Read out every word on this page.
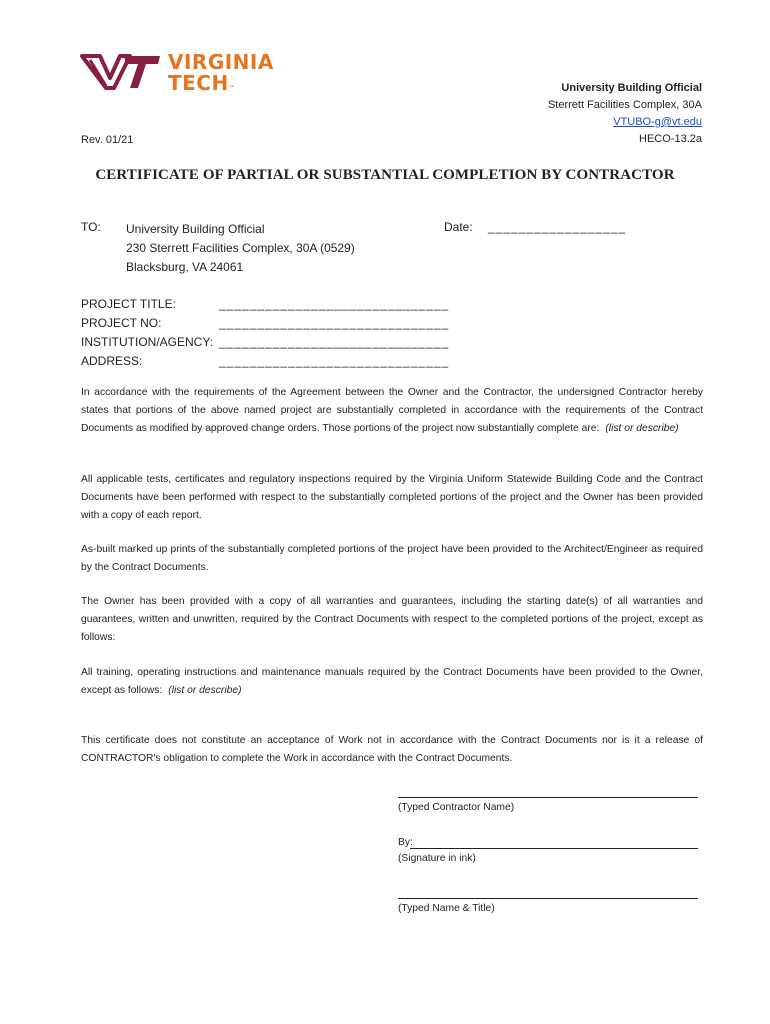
VIRGINIA
TECH™	University Building Official
Sterrett Facilities Complex, 30A
VTUBO-g@vt.edu
HECO-13.2a
Rev. 01/21
CERTIFICATE OF PARTIAL OR SUBSTANTIAL COMPLETION BY CONTRACTOR
TO: University Building Official
230 Sterrett Facilities Complex, 30A (0529)
Blacksburg, VA 24061
Date: __________________
PROJECT TITLE:
PROJECT NO:
INSTITUTION/AGENCY:
ADDRESS:
______________________________
______________________________
______________________________
______________________________
In accordance with the requirements of the Agreement between the Owner and the Contractor, the undersigned Contractor hereby states that portions of the above named project are substantially completed in accordance with the requirements of the Contract Documents as modified by approved change orders. Those portions of the project now substantially complete are: (list or describe)
All applicable tests, certificates and regulatory inspections required by the Virginia Uniform Statewide Building Code and the Contract Documents have been performed with respect to the substantially completed portions of the project and the Owner has been provided with a copy of each report.
As-built marked up prints of the substantially completed portions of the project have been provided to the Architect/Engineer as required by the Contract Documents.
The Owner has been provided with a copy of all warranties and guarantees, including the starting date(s) of all warranties and guarantees, written and unwritten, required by the Contract Documents with respect to the completed portions of the project, except as follows:
All training, operating instructions and maintenance manuals required by the Contract Documents have been provided to the Owner, except as follows: (list or describe)
This certificate does not constitute an acceptance of Work not in accordance with the Contract Documents nor is it a release of CONTRACTOR's obligation to complete the Work in accordance with the Contract Documents.
(Typed Contractor Name)
By:
(Signature in ink)
(Typed Name & Title)
